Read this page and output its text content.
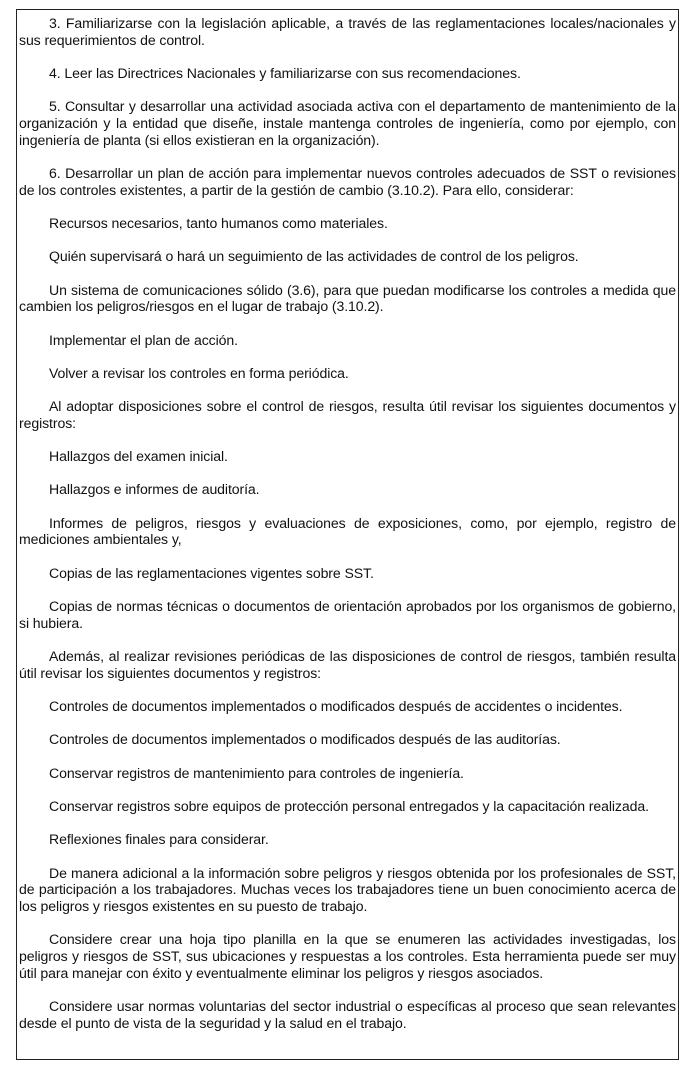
3. Familiarizarse con la legislación aplicable, a través de las reglamentaciones locales/nacionales y sus requerimientos de control.

4. Leer las Directrices Nacionales y familiarizarse con sus recomendaciones.

5. Consultar y desarrollar una actividad asociada activa con el departamento de mantenimiento de la organización y la entidad que diseñe, instale mantenga controles de ingeniería, como por ejemplo, con ingeniería de planta (si ellos existieran en la organización).

6. Desarrollar un plan de acción para implementar nuevos controles adecuados de SST o revisiones de los controles existentes, a partir de la gestión de cambio (3.10.2). Para ello, considerar:

Recursos necesarios, tanto humanos como materiales.

Quién supervisará o hará un seguimiento de las actividades de control de los peligros.

Un sistema de comunicaciones sólido (3.6), para que puedan modificarse los controles a medida que cambien los peligros/riesgos en el lugar de trabajo (3.10.2).

Implementar el plan de acción.

Volver a revisar los controles en forma periódica.

Al adoptar disposiciones sobre el control de riesgos, resulta útil revisar los siguientes documentos y registros:

Hallazgos del examen inicial.

Hallazgos e informes de auditoría.

Informes de peligros, riesgos y evaluaciones de exposiciones, como, por ejemplo, registro de mediciones ambientales y,

Copias de las reglamentaciones vigentes sobre SST.

Copias de normas técnicas o documentos de orientación aprobados por los organismos de gobierno, si hubiera.

Además, al realizar revisiones periódicas de las disposiciones de control de riesgos, también resulta útil revisar los siguientes documentos y registros:

Controles de documentos implementados o modificados después de accidentes o incidentes.

Controles de documentos implementados o modificados después de las auditorías.

Conservar registros de mantenimiento para controles de ingeniería.

Conservar registros sobre equipos de protección personal entregados y la capacitación realizada.

Reflexiones finales para considerar.

De manera adicional a la información sobre peligros y riesgos obtenida por los profesionales de SST, de participación a los trabajadores. Muchas veces los trabajadores tiene un buen conocimiento acerca de los peligros y riesgos existentes en su puesto de trabajo.

Considere crear una hoja tipo planilla en la que se enumeren las actividades investigadas, los peligros y riesgos de SST, sus ubicaciones y respuestas a los controles. Esta herramienta puede ser muy útil para manejar con éxito y eventualmente eliminar los peligros y riesgos asociados.

Considere usar normas voluntarias del sector industrial o específicas al proceso que sean relevantes desde el punto de vista de la seguridad y la salud en el trabajo.
